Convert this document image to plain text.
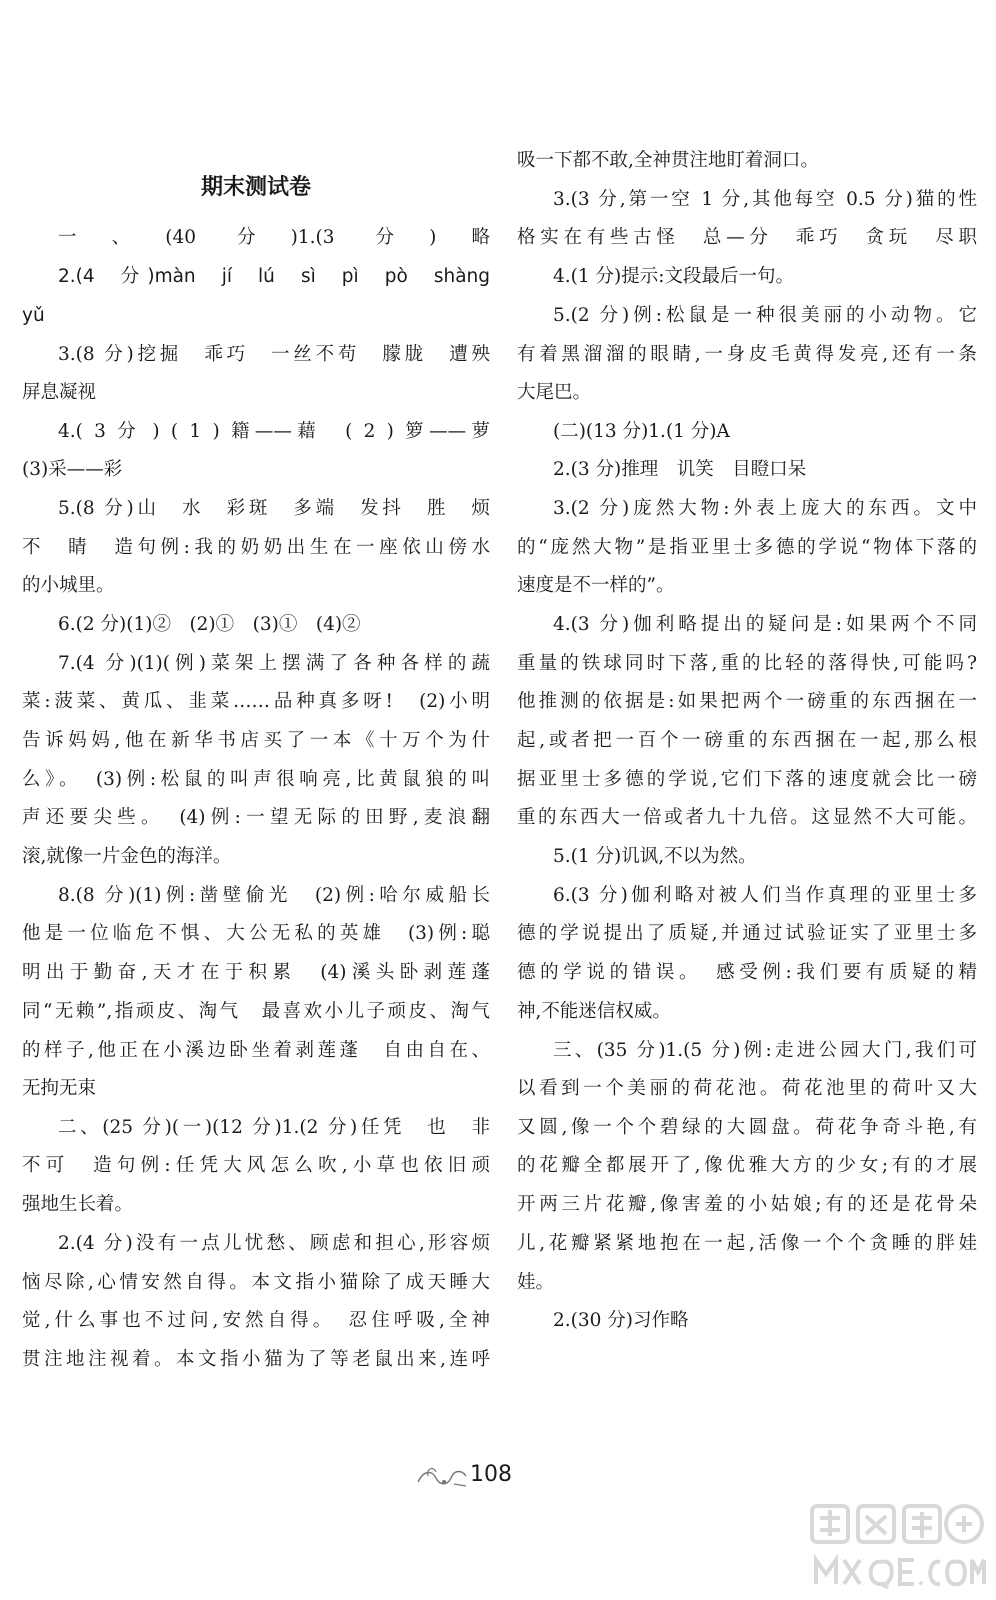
期末测试卷
一、(40 分)1.(3 分)略
2.(4 分)màn jí lú sì pì pò shàng
yǔ
3.(8 分)挖掘　乖巧　一丝不苟　朦胧　遭殃
屏息凝视
4.( 3 分 ) ( 1 ) 籍——藉　( 2 ) 箩——萝
(3)采——彩
5.(8 分)山　水　彩斑　多端　发抖　胜　烦
不　睛　造句例:我的奶奶出生在一座依山傍水
的小城里。
6.(2 分)(1)②　(2)①　(3)①　(4)②
7.(4 分)(1)(例)菜架上摆满了各种各样的蔬
菜:菠菜、黄瓜、韭菜……品种真多呀!　(2)小明
告诉妈妈,他在新华书店买了一本《十万个为什
么》。　(3)例:松鼠的叫声很响亮,比黄鼠狼的叫
声还要尖些。　(4)例:一望无际的田野,麦浪翻
滚,就像一片金色的海洋。
8.(8 分)(1)例:凿壁偷光　(2)例:哈尔威船长
他是一位临危不惧、大公无私的英雄　(3)例:聪
明出于勤奋,天才在于积累　(4)溪头卧剥莲蓬
同“无赖”,指顽皮、淘气　最喜欢小儿子顽皮、淘气
的样子,他正在小溪边卧坐着剥莲蓬　自由自在、
无拘无束
二、(25 分)(一)(12 分)1.(2 分)任凭　也　非
不可　造句例:任凭大风怎么吹,小草也依旧顽
强地生长着。
2.(4 分)没有一点儿忧愁、顾虑和担心,形容烦
恼尽除,心情安然自得。本文指小猫除了成天睡大
觉,什么事也不过问,安然自得。　忍住呼吸,全神
贯注地注视着。本文指小猫为了等老鼠出来,连呼
吸一下都不敢,全神贯注地盯着洞口。
3.(3 分,第一空 1 分,其他每空 0.5 分)猫的性
格实在有些古怪　总—分　乖巧　贪玩　尽职
4.(1 分)提示:文段最后一句。
5.(2 分)例:松鼠是一种很美丽的小动物。它
有着黑溜溜的眼睛,一身皮毛黄得发亮,还有一条
大尾巴。
(二)(13 分)1.(1 分)A
2.(3 分)推理　讥笑　目瞪口呆
3.(2 分)庞然大物:外表上庞大的东西。文中
的“庞然大物”是指亚里士多德的学说“物体下落的
速度是不一样的”。
4.(3 分)伽利略提出的疑问是:如果两个不同
重量的铁球同时下落,重的比轻的落得快,可能吗?
他推测的依据是:如果把两个一磅重的东西捆在一
起,或者把一百个一磅重的东西捆在一起,那么根
据亚里士多德的学说,它们下落的速度就会比一磅
重的东西大一倍或者九十九倍。这显然不大可能。
5.(1 分)讥讽,不以为然。
6.(3 分)伽利略对被人们当作真理的亚里士多
德的学说提出了质疑,并通过试验证实了亚里士多
德的学说的错误。　感受例:我们要有质疑的精
神,不能迷信权威。
三、(35 分)1.(5 分)例:走进公园大门,我们可
以看到一个美丽的荷花池。荷花池里的荷叶又大
又圆,像一个个碧绿的大圆盘。荷花争奇斗艳,有
的花瓣全都展开了,像优雅大方的少女;有的才展
开两三片花瓣,像害羞的小姑娘;有的还是花骨朵
儿,花瓣紧紧地抱在一起,活像一个个贪睡的胖娃
娃。
2.(30 分)习作略
108
